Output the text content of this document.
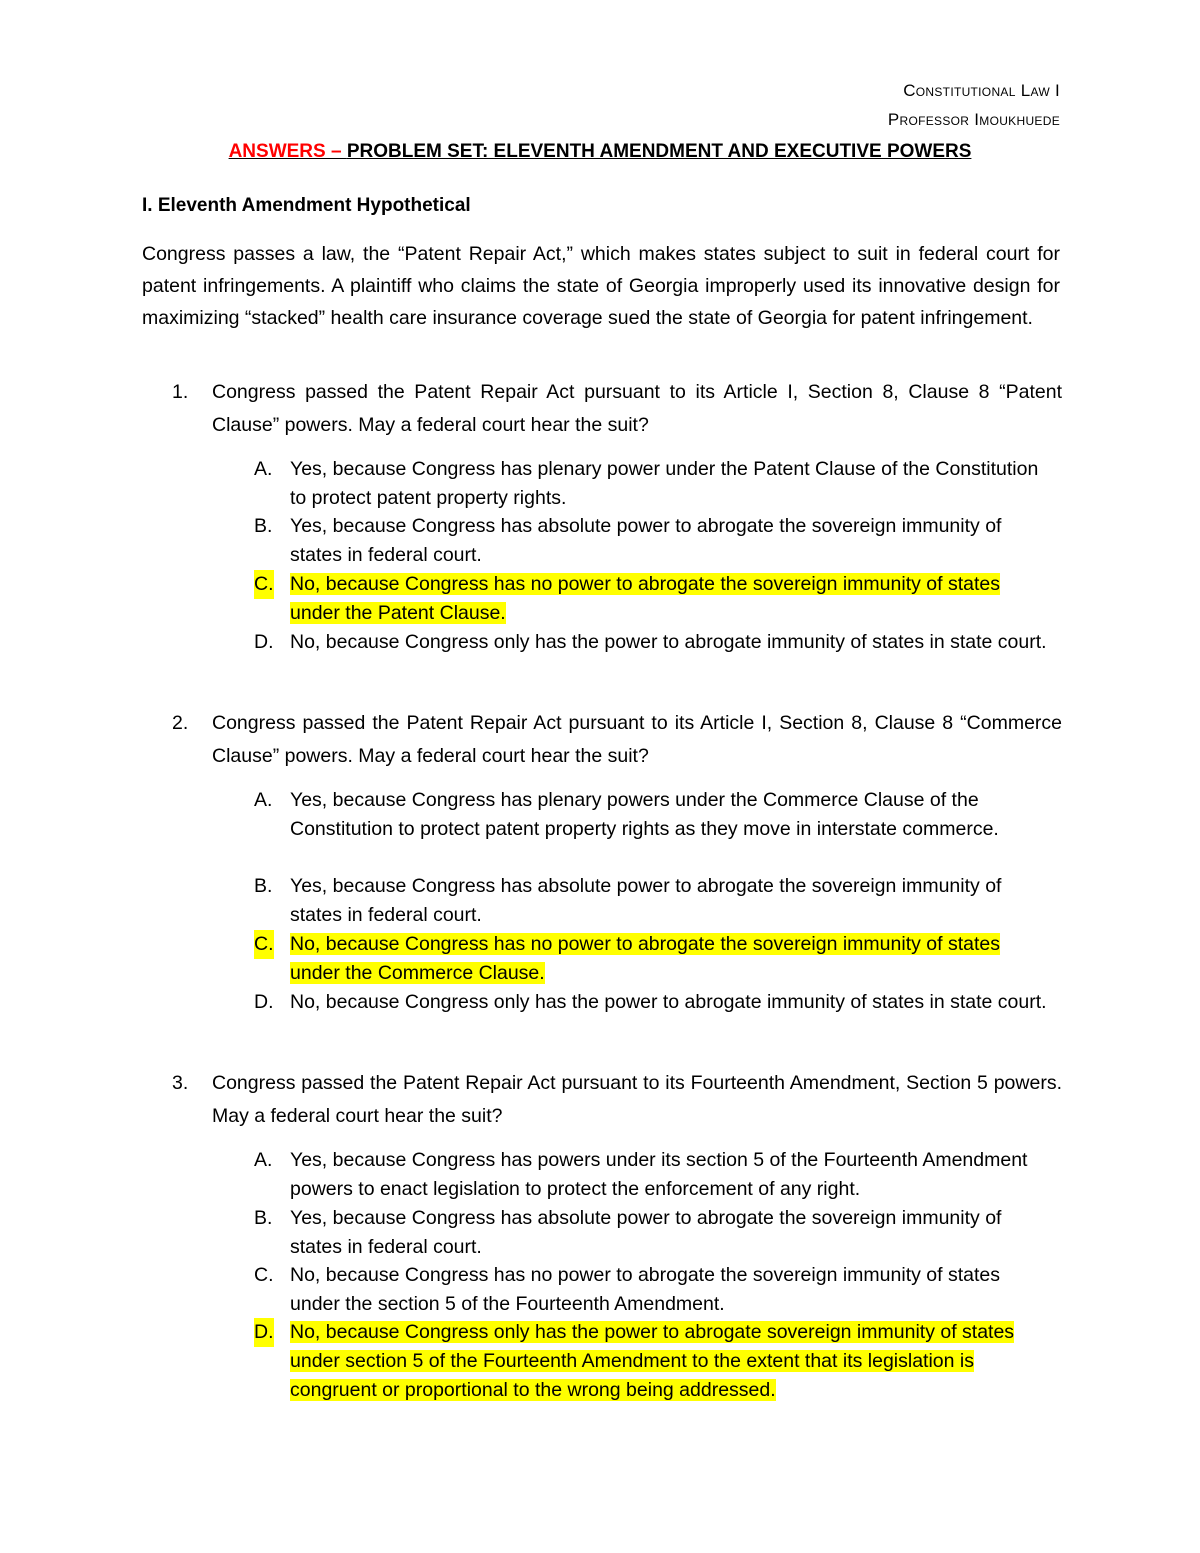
Constitutional Law I
Professor Imoukhuede
ANSWERS – PROBLEM SET: ELEVENTH AMENDMENT AND EXECUTIVE POWERS
I. Eleventh Amendment Hypothetical

Congress passes a law, the “Patent Repair Act,” which makes states subject to suit in federal court for patent infringements. A plaintiff who claims the state of Georgia improperly used its innovative design for maximizing “stacked” health care insurance coverage sued the state of Georgia for patent infringement.

1. Congress passed the Patent Repair Act pursuant to its Article I, Section 8, Clause 8 “Patent Clause” powers. May a federal court hear the suit?
A. Yes, because Congress has plenary power under the Patent Clause of the Constitution to protect patent property rights.
B. Yes, because Congress has absolute power to abrogate the sovereign immunity of states in federal court.
C. No, because Congress has no power to abrogate the sovereign immunity of states under the Patent Clause.
D. No, because Congress only has the power to abrogate immunity of states in state court.
2. Congress passed the Patent Repair Act pursuant to its Article I, Section 8, Clause 8 “Commerce Clause” powers. May a federal court hear the suit?
A. Yes, because Congress has plenary powers under the Commerce Clause of the Constitution to protect patent property rights as they move in interstate commerce.
B. Yes, because Congress has absolute power to abrogate the sovereign immunity of states in federal court.
C. No, because Congress has no power to abrogate the sovereign immunity of states under the Commerce Clause.
D. No, because Congress only has the power to abrogate immunity of states in state court.
3. Congress passed the Patent Repair Act pursuant to its Fourteenth Amendment, Section 5 powers. May a federal court hear the suit?
A. Yes, because Congress has powers under its section 5 of the Fourteenth Amendment powers to enact legislation to protect the enforcement of any right.
B. Yes, because Congress has absolute power to abrogate the sovereign immunity of states in federal court.
C. No, because Congress has no power to abrogate the sovereign immunity of states under the section 5 of the Fourteenth Amendment.
D. No, because Congress only has the power to abrogate sovereign immunity of states under section 5 of the Fourteenth Amendment to the extent that its legislation is congruent or proportional to the wrong being addressed.
